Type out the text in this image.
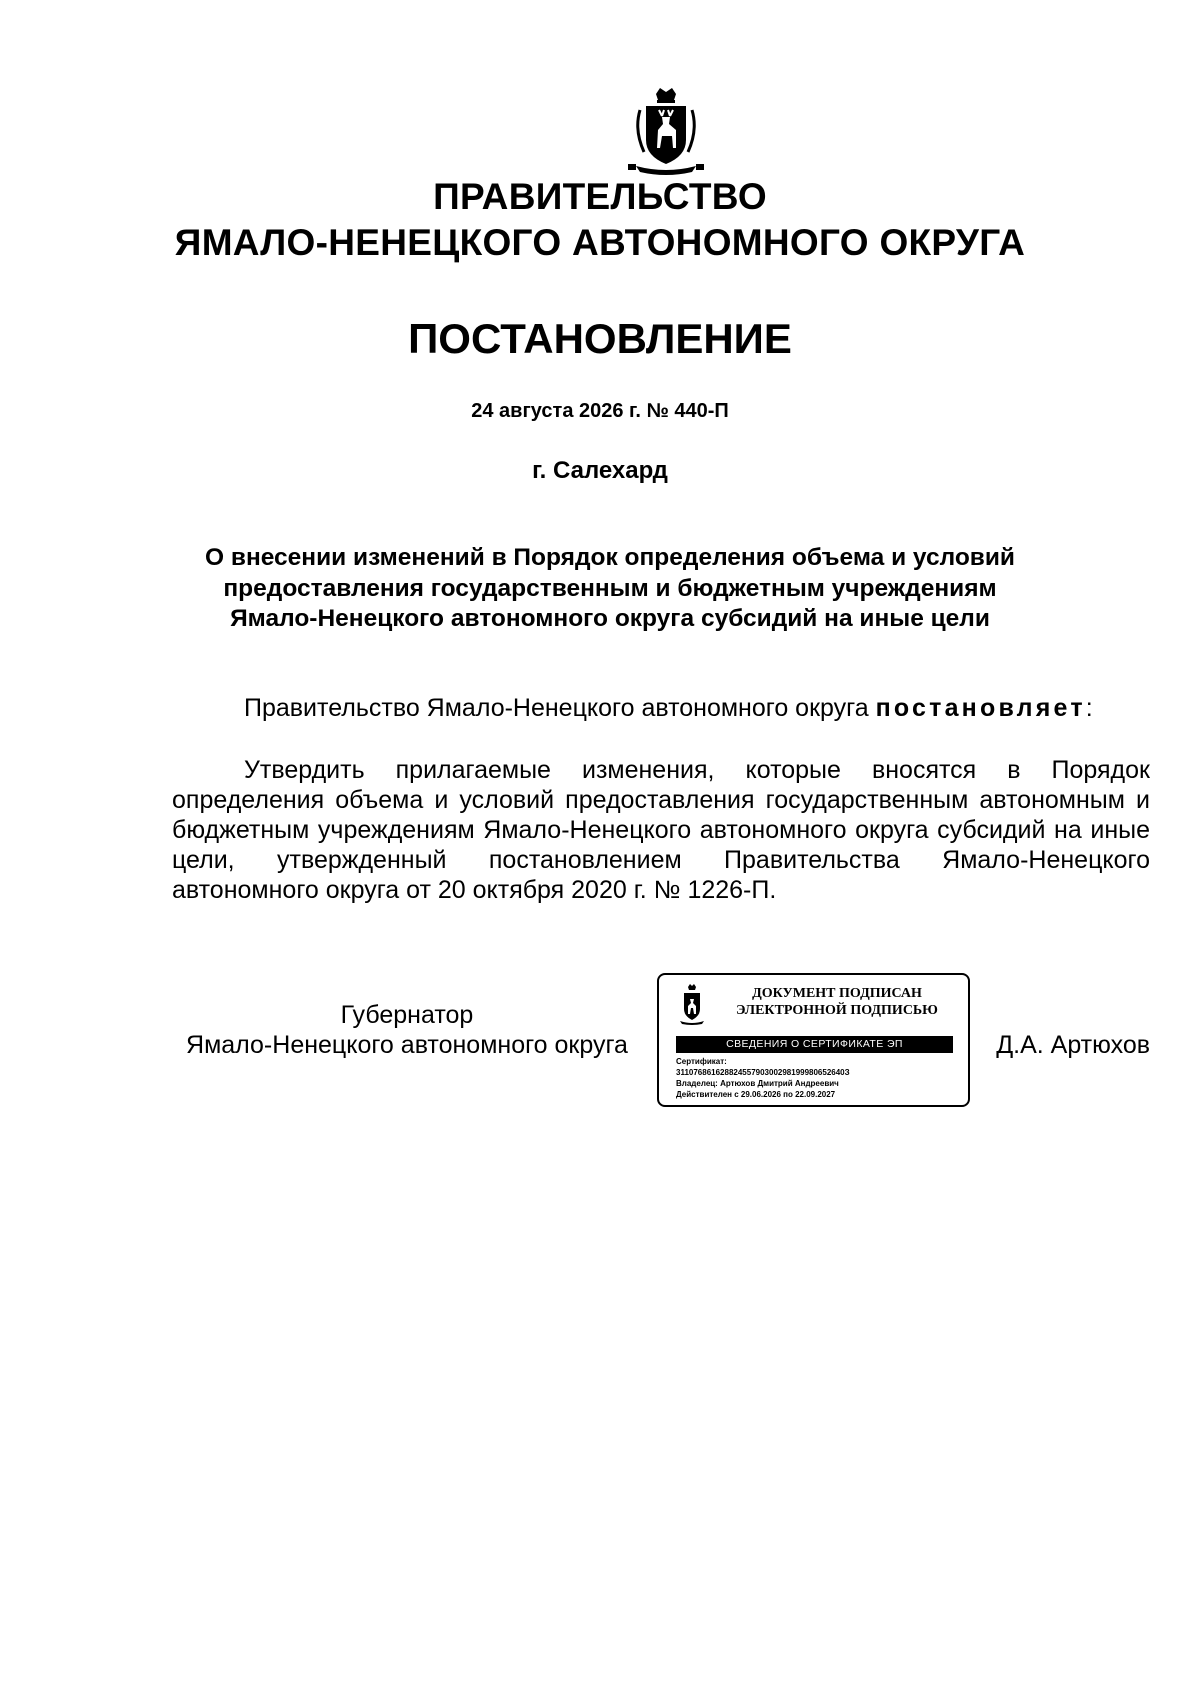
ПРАВИТЕЛЬСТВО
ЯМАЛО-НЕНЕЦКОГО АВТОНОМНОГО ОКРУГА
ПОСТАНОВЛЕНИЕ
24 августа 2026 г. № 440-П
г. Салехард
О внесении изменений в Порядок определения объема и условий
предоставления государственным и бюджетным учреждениям
Ямало-Ненецкого автономного округа субсидий на иные цели
Правительство Ямало-Ненецкого автономного округа постановляет:
Утвердить прилагаемые изменения, которые вносятся в Порядок определения объема и условий предоставления государственным автономным и бюджетным учреждениям Ямало-Ненецкого автономного округа субсидий на иные цели, утвержденный постановлением Правительства Ямало-Ненецкого автономного округа от 20 октября 2020 г. № 1226-П.
Губернатор
Ямало-Ненецкого автономного округа
ДОКУМЕНТ ПОДПИСАН
ЭЛЕКТРОННОЙ ПОДПИСЬЮ
СВЕДЕНИЯ О СЕРТИФИКАТЕ ЭП
Сертификат:
31107686162882455790300298199980652640З
Владелец: Артюхов Дмитрий Андреевич
Действителен с 29.06.2026 по 22.09.2027
Д.А. Артюхов
